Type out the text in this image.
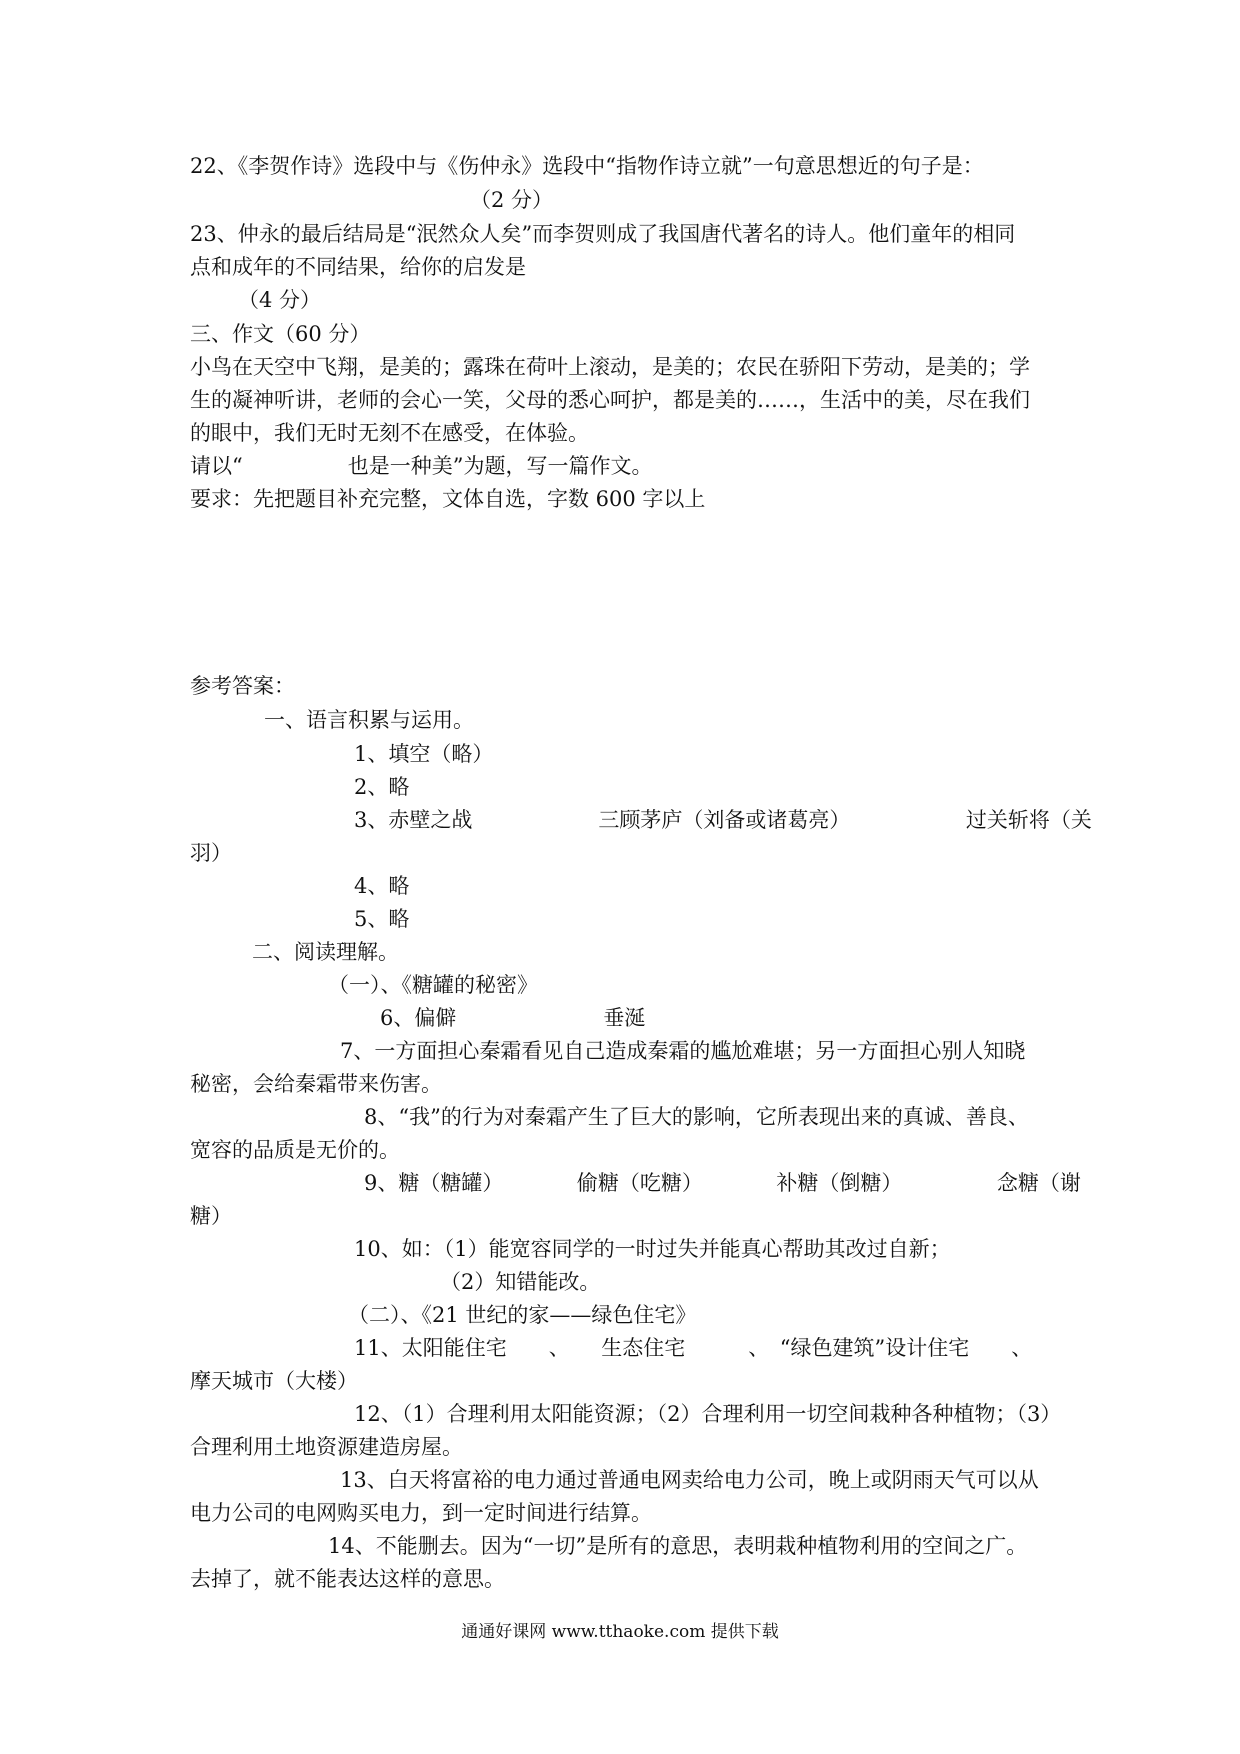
22、《李贺作诗》选段中与《伤仲永》选段中“指物作诗立就”一句意思想近的句子是：
（2 分）
23、仲永的最后结局是“泯然众人矣”而李贺则成了我国唐代著名的诗人。他们童年的相同
点和成年的不同结果，给你的启发是
（4 分）
三、作文（60 分）
小鸟在天空中飞翔，是美的；露珠在荷叶上滚动，是美的；农民在骄阳下劳动，是美的；学
生的凝神听讲，老师的会心一笑，父母的悉心呵护，都是美的……，生活中的美，尽在我们
的眼中，我们无时无刻不在感受，在体验。
请以“　　　　　也是一种美”为题，写一篇作文。
要求：先把题目补充完整，文体自选，字数 600 字以上
参考答案：
一、语言积累与运用。
1、填空（略）
2、略
3、赤壁之战　　　　　　三顾茅庐（刘备或诸葛亮）　　　　　　过关斩将（关
羽）
4、略
5、略
二、阅读理解。
（一）、《糖罐的秘密》
6、偏僻　　　　　　　垂涎
7、一方面担心秦霜看见自己造成秦霜的尴尬难堪；另一方面担心别人知晓
秘密，会给秦霜带来伤害。
8、“我”的行为对秦霜产生了巨大的影响，它所表现出来的真诚、善良、
宽容的品质是无价的。
9、糖（糖罐）　　　　偷糖（吃糖）　　　　补糖（倒糖）　　　　　念糖（谢
糖）
10、如：（1）能宽容同学的一时过失并能真心帮助其改过自新；
（2）知错能改。
（二）、《21 世纪的家——绿色住宅》
11、太阳能住宅　　、　　生态住宅　　　、　“绿色建筑”设计住宅　　、
摩天城市（大楼）
12、（1）合理利用太阳能资源；（2）合理利用一切空间栽种各种植物；（3）
合理利用土地资源建造房屋。
13、白天将富裕的电力通过普通电网卖给电力公司，晚上或阴雨天气可以从
电力公司的电网购买电力，到一定时间进行结算。
14、不能删去。因为“一切”是所有的意思，表明栽种植物利用的空间之广。
去掉了，就不能表达这样的意思。
通通好课网 www.tthaoke.com 提供下载
